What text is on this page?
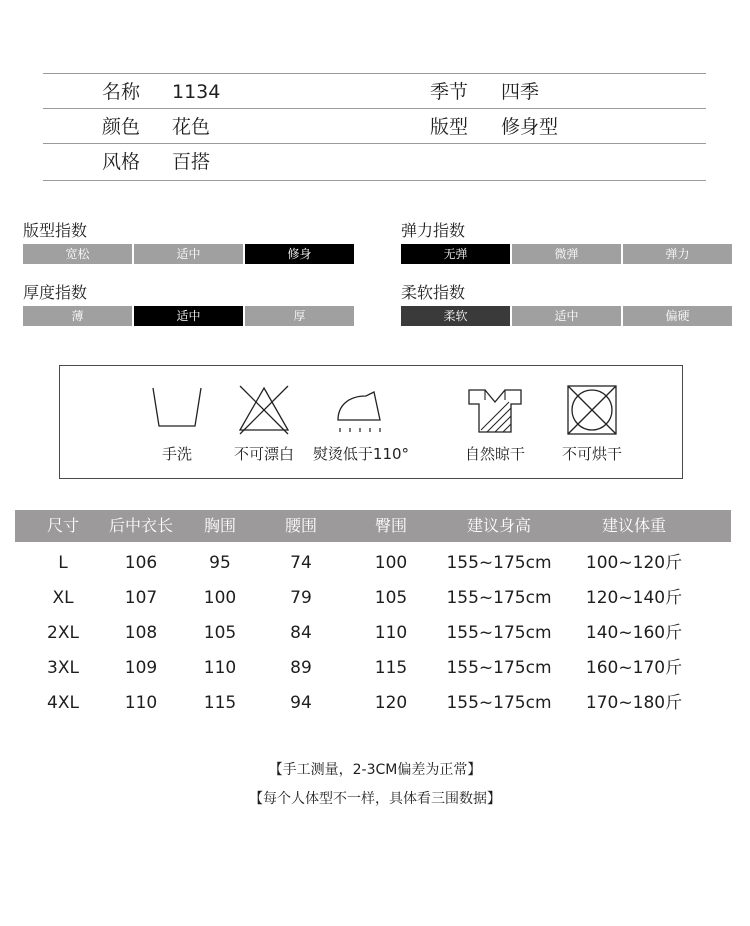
名称 1134	季节 四季
颜色 花色	版型 修身型
风格 百搭
版型指数
宽松	适中	修身
弹力指数
无弹	微弹	弹力
厚度指数
薄	适中	厚
柔软指数
柔软	适中	偏硬
手洗	不可漂白	熨烫低于110°	自然晾干	不可烘干
尺寸 后中衣长 胸围	腰围	臀围	建议身高	建议体重
L	106	95	74	100 155~175cm 100~120斤
XL	107	100	79	105 155~175cm 120~140斤
2XL	108	105	84	110 155~175cm 140~160斤
3XL	109	110	89	115 155~175cm 160~170斤
4XL	110	115	94	120 155~175cm 170~180斤
【手工测量，2-3CM偏差为正常】
【每个人体型不一样，具体看三围数据】
